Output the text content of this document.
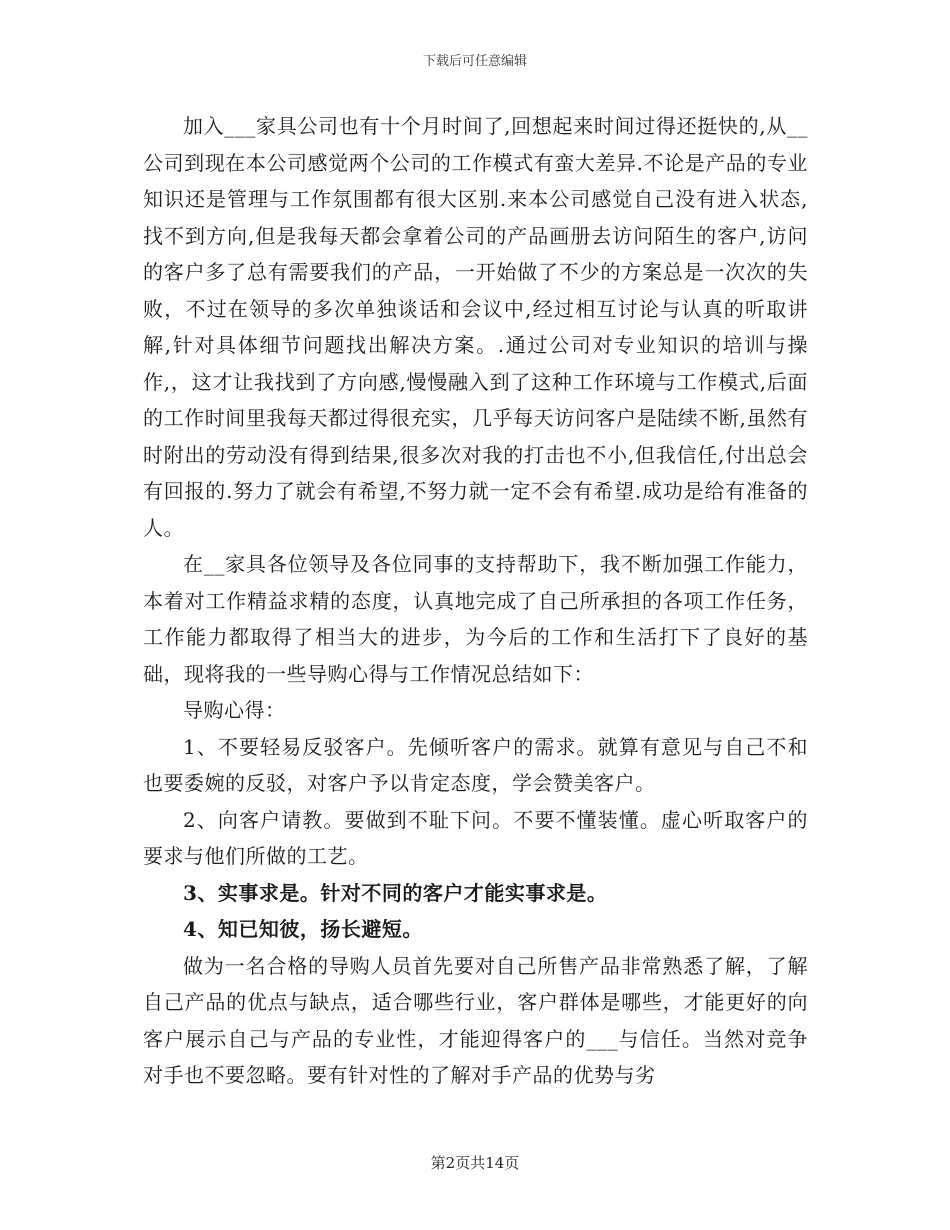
下载后可任意编辑

加入___家具公司也有十个月时间了,回想起来时间过得还挺快的,从__公司到现在本公司感觉两个公司的工作模式有蛮大差异.不论是产品的专业知识还是管理与工作氛围都有很大区别.来本公司感觉自己没有进入状态,找不到方向,但是我每天都会拿着公司的产品画册去访问陌生的客户,访问的客户多了总有需要我们的产品，一开始做了不少的方案总是一次次的失败，不过在领导的多次单独谈话和会议中,经过相互讨论与认真的听取讲解,针对具体细节问题找出解决方案。.通过公司对专业知识的培训与操作,，这才让我找到了方向感,慢慢融入到了这种工作环境与工作模式,后面的工作时间里我每天都过得很充实，几乎每天访问客户是陆续不断,虽然有时附出的劳动没有得到结果,很多次对我的打击也不小,但我信任,付出总会有回报的.努力了就会有希望,不努力就一定不会有希望.成功是给有准备的人。

在__家具各位领导及各位同事的支持帮助下，我不断加强工作能力，本着对工作精益求精的态度，认真地完成了自己所承担的各项工作任务，工作能力都取得了相当大的进步，为今后的工作和生活打下了良好的基础，现将我的一些导购心得与工作情况总结如下：

导购心得：

1、不要轻易反驳客户。先倾听客户的需求。就算有意见与自己不和也要委婉的反驳，对客户予以肯定态度，学会赞美客户。

2、向客户请教。要做到不耻下问。不要不懂装懂。虚心听取客户的要求与他们所做的工艺。

3、实事求是。针对不同的客户才能实事求是。

4、知已知彼，扬长避短。

做为一名合格的导购人员首先要对自己所售产品非常熟悉了解，了解自己产品的优点与缺点，适合哪些行业，客户群体是哪些，才能更好的向客户展示自己与产品的专业性，才能迎得客户的___与信任。当然对竞争对手也不要忽略。要有针对性的了解对手产品的优势与劣

第2页共14页
